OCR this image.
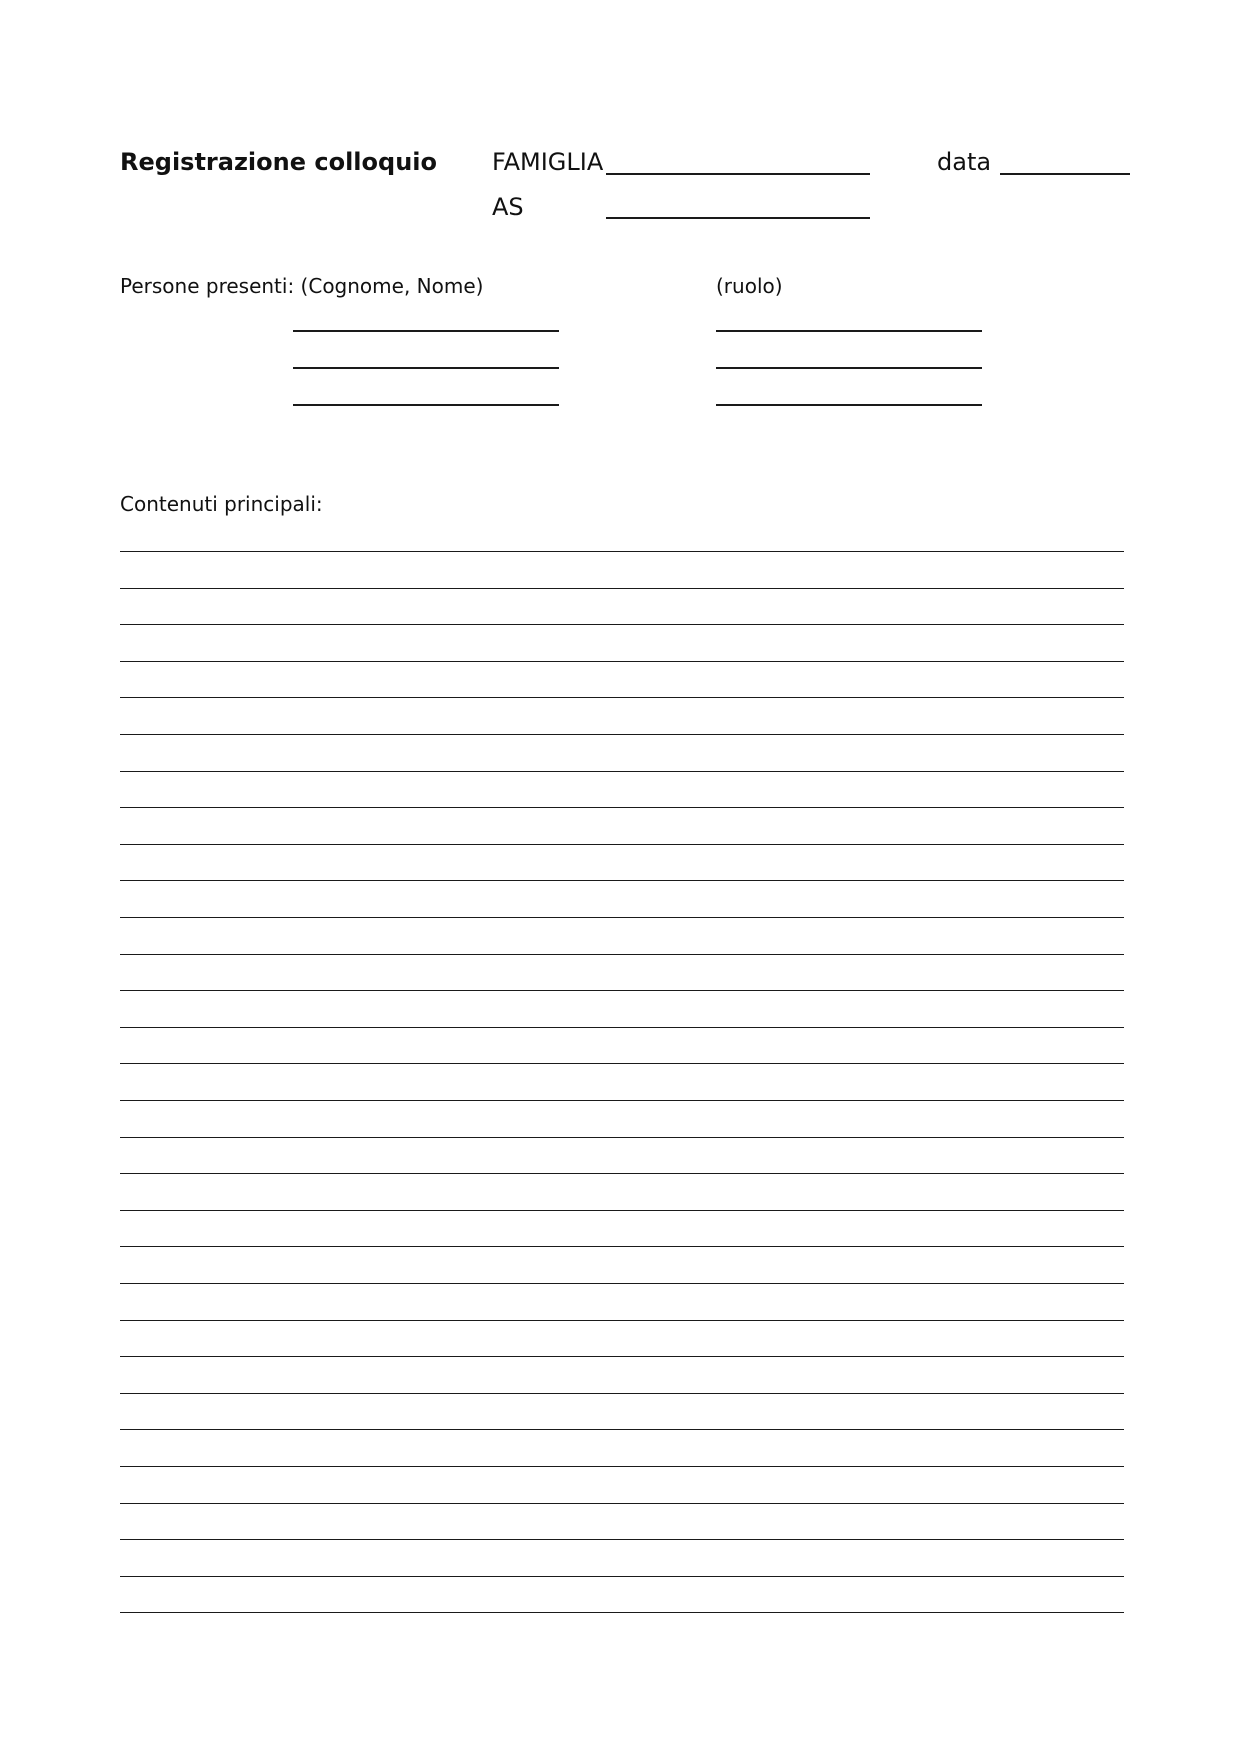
Registrazione colloquio FAMIGLIA	data
AS
Persone presenti: (Cognome, Nome)	(ruolo)
Contenuti principali:
